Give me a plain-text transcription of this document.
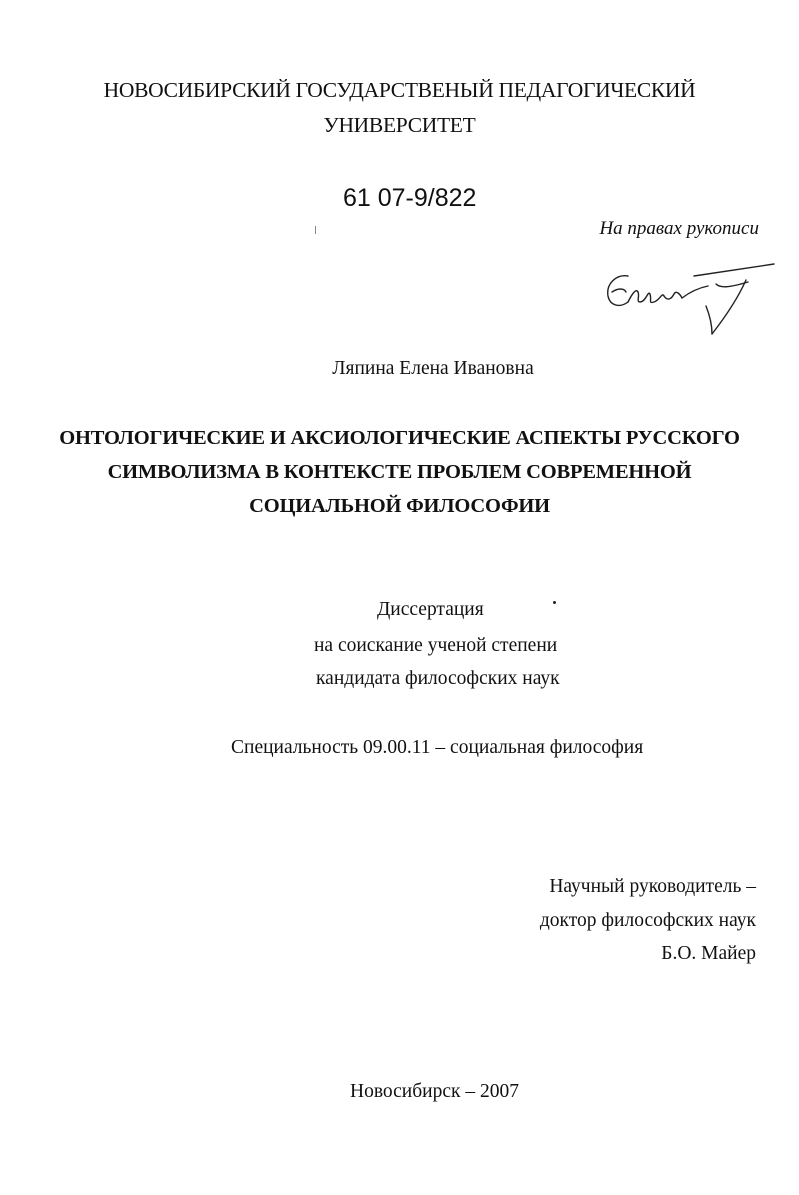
НОВОСИБИРСКИЙ ГОСУДАРСТВЕНЫЙ ПЕДАГОГИЧЕСКИЙ
УНИВЕРСИТЕТ
61 07-9/822
На правах рукописи
Ляпина Елена Ивановна
ОНТОЛОГИЧЕСКИЕ И АКСИОЛОГИЧЕСКИЕ АСПЕКТЫ РУССКОГО
СИМВОЛИЗМА В КОНТЕКСТЕ ПРОБЛЕМ СОВРЕМЕННОЙ
СОЦИАЛЬНОЙ ФИЛОСОФИИ
Диссертация
на соискание ученой степени
кандидата философских наук
Специальность 09.00.11 – социальная философия
Научный руководитель –
доктор философских наук
Б.О. Майер
Новосибирск – 2007
